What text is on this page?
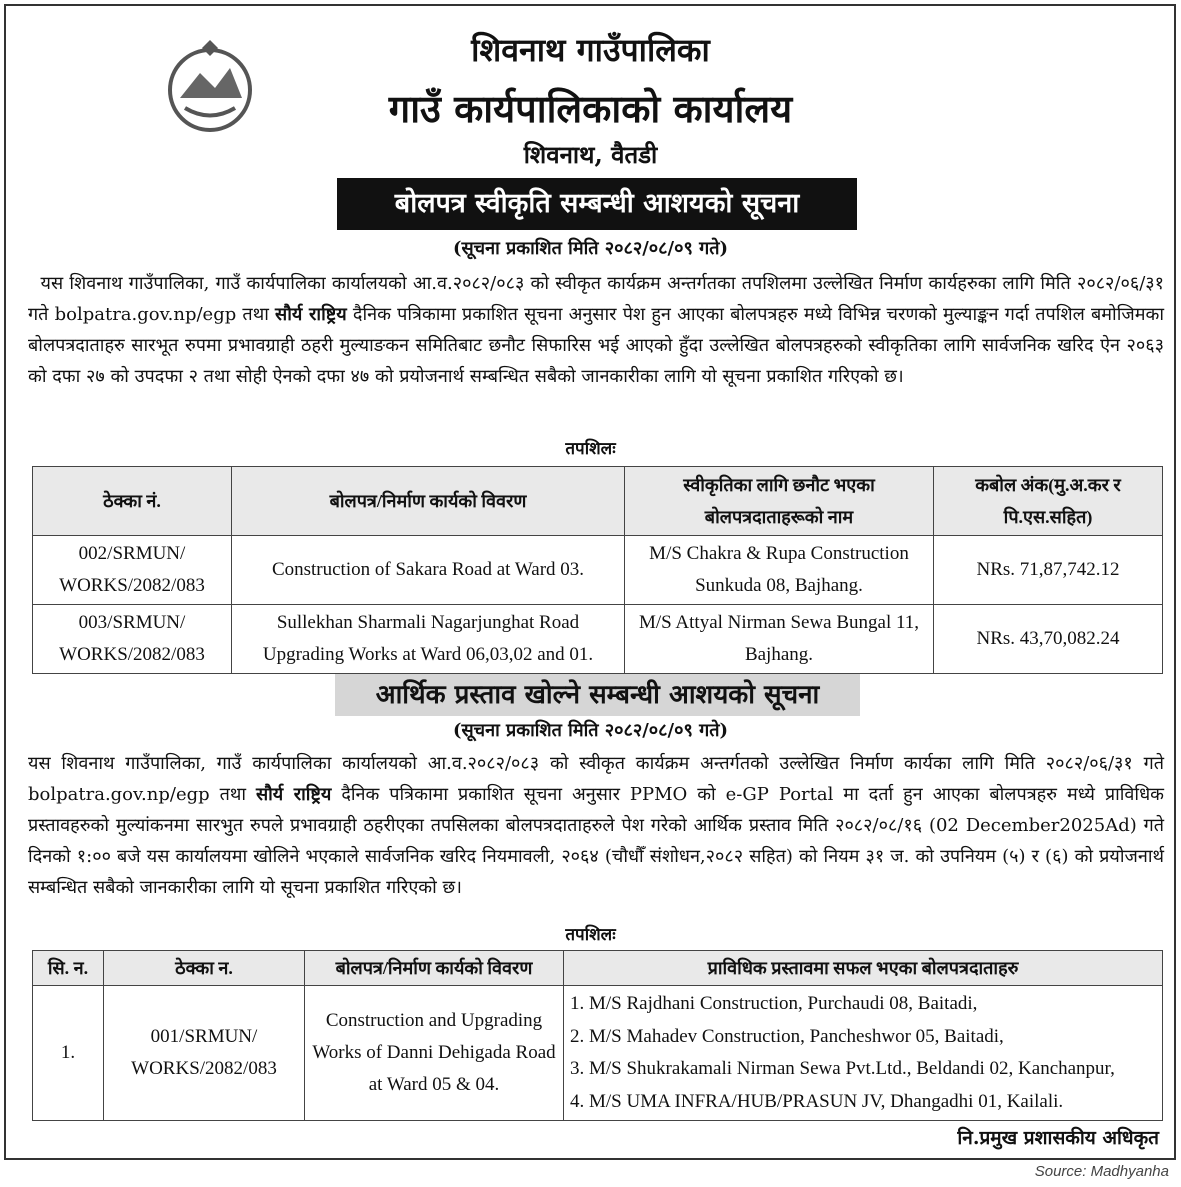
शिवनाथ गाउँपालिका
गाउँ कार्यपालिकाको कार्यालय
शिवनाथ, वैतडी
बोलपत्र स्वीकृति सम्बन्धी आशयको सूचना
(सूचना प्रकाशित मिति २०८२/०८/०९ गते)
यस शिवनाथ गाउँपालिका, गाउँ कार्यपालिका कार्यालयको आ.व.२०८२/०८३ को स्वीकृत कार्यक्रम अन्तर्गतका तपशिलमा उल्लेखित निर्माण कार्यहरुका लागि मिति २०८२/०६/३१ गते bolpatra.gov.np/egp तथा सौर्य राष्ट्रिय दैनिक पत्रिकामा प्रकाशित सूचना अनुसार पेश हुन आएका बोलपत्रहरु मध्ये विभिन्न चरणको मुल्याङ्कन गर्दा तपशिल बमोजिमका बोलपत्रदाताहरु सारभूत रुपमा प्रभावग्राही ठहरी मुल्याङकन समितिबाट छनौट सिफारिस भई आएको हुँदा उल्लेखित बोलपत्रहरुको स्वीकृतिका लागि सार्वजनिक खरिद ऐन २०६३ को दफा २७ को उपदफा २ तथा सोही ऐनको दफा ४७ को प्रयोजनार्थ सम्बन्धित सबैको जानकारीका लागि यो सूचना प्रकाशित गरिएको छ।
तपशिलः
ठेक्का नं.	बोलपत्र/निर्माण कार्यको विवरण	स्वीकृतिका लागि छनौट भएका बोलपत्रदाताहरूको नाम	कबोल अंक(मु.अ.कर र पि.एस.सहित)
002/SRMUN/ WORKS/2082/083	Construction of Sakara Road at Ward 03.	M/S Chakra & Rupa Construction Sunkuda 08, Bajhang.	NRs. 71,87,742.12
003/SRMUN/ WORKS/2082/083	Sullekhan Sharmali Nagarjunghat Road Upgrading Works at Ward 06,03,02 and 01.	M/S Attyal Nirman Sewa Bungal 11, Bajhang.	NRs. 43,70,082.24
आर्थिक प्रस्ताव खोल्ने सम्बन्धी आशयको सूचना
(सूचना प्रकाशित मिति २०८२/०८/०९ गते)
यस शिवनाथ गाउँपालिका, गाउँ कार्यपालिका कार्यालयको आ.व.२०८२/०८३ को स्वीकृत कार्यक्रम अन्तर्गतको उल्लेखित निर्माण कार्यका लागि मिति २०८२/०६/३१ गते bolpatra.gov.np/egp तथा सौर्य राष्ट्रिय दैनिक पत्रिकामा प्रकाशित सूचना अनुसार PPMO को e-GP Portal मा दर्ता हुन आएका बोलपत्रहरु मध्ये प्राविधिक प्रस्तावहरुको मुल्यांकनमा सारभुत रुपले प्रभावग्राही ठहरीएका तपसिलका बोलपत्रदाताहरुले पेश गरेको आर्थिक प्रस्ताव मिति २०८२/०८/१६ (02 December2025Ad) गते दिनको १:०० बजे यस कार्यालयमा खोलिने भएकाले सार्वजनिक खरिद नियमावली, २०६४ (चौधौँ संशोधन,२०८२ सहित) को नियम ३१ ज. को उपनियम (५) र (६) को प्रयोजनार्थ सम्बन्धित सबैको जानकारीका लागि यो सूचना प्रकाशित गरिएको छ।
तपशिलः
सि. न.	ठेक्का न.	बोलपत्र/निर्माण कार्यको विवरण	प्राविधिक प्रस्तावमा सफल भएका बोलपत्रदाताहरु
1.	001/SRMUN/ WORKS/2082/083	Construction and Upgrading Works of Danni Dehigada Road at Ward 05 & 04.	1. M/S Rajdhani Construction, Purchaudi 08, Baitadi,
2. M/S Mahadev Construction, Pancheshwor 05, Baitadi,
3. M/S Shukrakamali Nirman Sewa Pvt.Ltd., Beldandi 02, Kanchanpur,
4. M/S UMA INFRA/HUB/PRASUN JV, Dhangadhi 01, Kailali.
नि.प्रमुख प्रशासकीय अधिकृत
Source: Madhyanha
